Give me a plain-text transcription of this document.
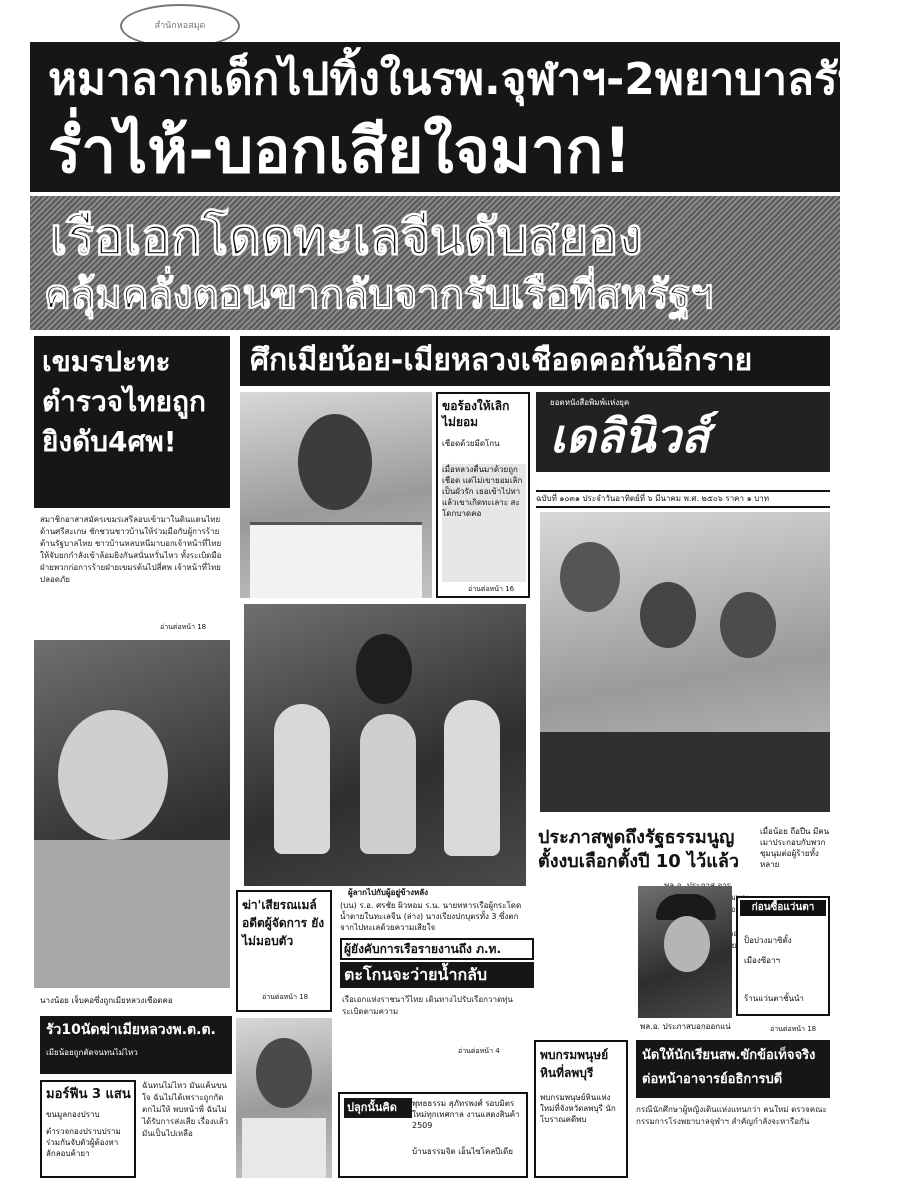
สำนักหอสมุด
หมาลากเด็กไปทิ้งในรพ.จุฬาฯ-2พยาบาลรับผิด
ร่ำไห้-บอกเสียใจมาก!
เรือเอกโดดทะเลจีนดับสยอง
คลุ้มคลั่งตอนขากลับจากรับเรือที่สหรัฐฯ
เขมรปะทะตำรวจไทยถูกยิงดับ4ศพ!
สมาชิกอาสาสมัครเขมรเสรีลอบเข้ามาในดินแดนไทยด้านศรีสะเกษ ชักชวนชาวบ้านให้ร่วมมือกับผู้การร้ายต้านรัฐบาลไทย ชาวบ้านหลบหนีมาบอกเจ้าหน้าที่ไทยให้จับยกกำลังเข้าล้อมยิงกันสนั่นหวั่นไหว ทั้งระเบิดมือ ฝ่ายพวกก่อการร้ายฝ่ายเขมรต้นไปสี่ศพ เจ้าหน้าที่ไทยปลอดภัย
อ่านต่อหน้า 18
ศึกเมียน้อย-เมียหลวงเชือดคอกันอีกราย
ขอร้องให้เลิก ไม่ยอม
เชือดด้วยมีดโกน
เมื่อหลวงตื่นมาด้วยถูกเชือด แต่ไม่เขายอมเลิกเป็นผัวรัก เธอเข้าไปหาแล้วเขาเกิดทะเลาะ สะโดกบาดคอ
อ่านต่อหน้า 16
ยอดหนังสือพิมพ์แห่งยุค
เดลินิวส์
ฉบับที่ ๑๐๓๑ ประจำวันอาทิตย์ที่ ๖ มีนาคม พ.ศ. ๒๕๐๖ ราคา ๑ บาท
นางน้อย เจ็บคอซึ่งถูกเมียหลวงเชือดคอ
ผู้ลากไปกับผู้อยู่ข้างหลัง
(บน) ร.อ. ศรชัย ผิวหอม ร.น. นายทหารเรือผู้กระโดดน้ำตายในทะเลจีน (ล่าง) นางเรียงปกบุตรทั้ง 3 ซึ่งตกจากไปทะเลด้วยความเสียใจ
ประภาสพูดถึงรัฐธรรมนูญ
ตั้งงบเลือกตั้งปี 10 ไว้แล้ว
เมื่อน้อย ถือปืน มีคนเมาประกอบกับพวกชุมนุมต่อผู้ร้ายทั้งหลาย
ก่อนซื้อแว่นตา
ป็อปวงมาซิตั้ง
เมืองซีอาฯ
ร้านแว่นตาชั้นนำ
อ่านต่อหน้า 18
พล.อ. ประภาสบอกออกแน่
ฆ่า'เสียรณเมล์ อดีตผู้จัดการ ยังไม่มอบตัว
อ่านต่อหน้า 18
ผู้ยังคับการเรือรายงานถึง ภ.ท.
ตะโกนจะว่ายน้ำกลับ
เรือเอกแห่งราชนาวีไทย เดินทางไปรับเรือกวาดทุ่นระเบิดตามความ
อ่านต่อหน้า 4
รัว10นัดฆ่าเมียหลวงพ.ต.ต.
เมียน้อยถูกตัดจนทนไม่ไหว
มอร์ฟีน 3 แสน
ขนมูลกองปราบ
ตำรวจกองปราบปรามร่วมกันจับตัวผู้ต้องหาลักลอบค้ายา
ฉันทนไม่ไหว มันแค้นขนใจ ฉันไม่ได้เพราะถูกกัดตกไม่ให้ พบหน้าพี่ ฉันไม่ได้รับการส่งเสีย เรื่องแล้ว มันเป็นไปเหลือ
พบกรมพนุษย์หินที่ลพบุรี
พบกรมพนุษย์หินแห่งใหม่ที่จังหวัดลพบุรี นักโบราณคดีพบ
นัดให้นักเรียนสพ.ขักข้อเท็จจริงต่อหน้าอาจารย์อธิการบดี
กรณีนักศึกษาผู้หญิงเดินแห่งแทนกว่า คนใหม่ ตรวจคณะกรรมการโรงพยาบาลจุฬาฯ สำคัญกำลังจะหารือกัน
ปลุกนั้นคิด	พุทธธรรม สุภัทรพงศ์ รอบมิตรใหม่ทุกเทศกาล งานแสดงสินค้า 2509
บ้านธรรมจิต เอ็นไซโคลปีเดีย
